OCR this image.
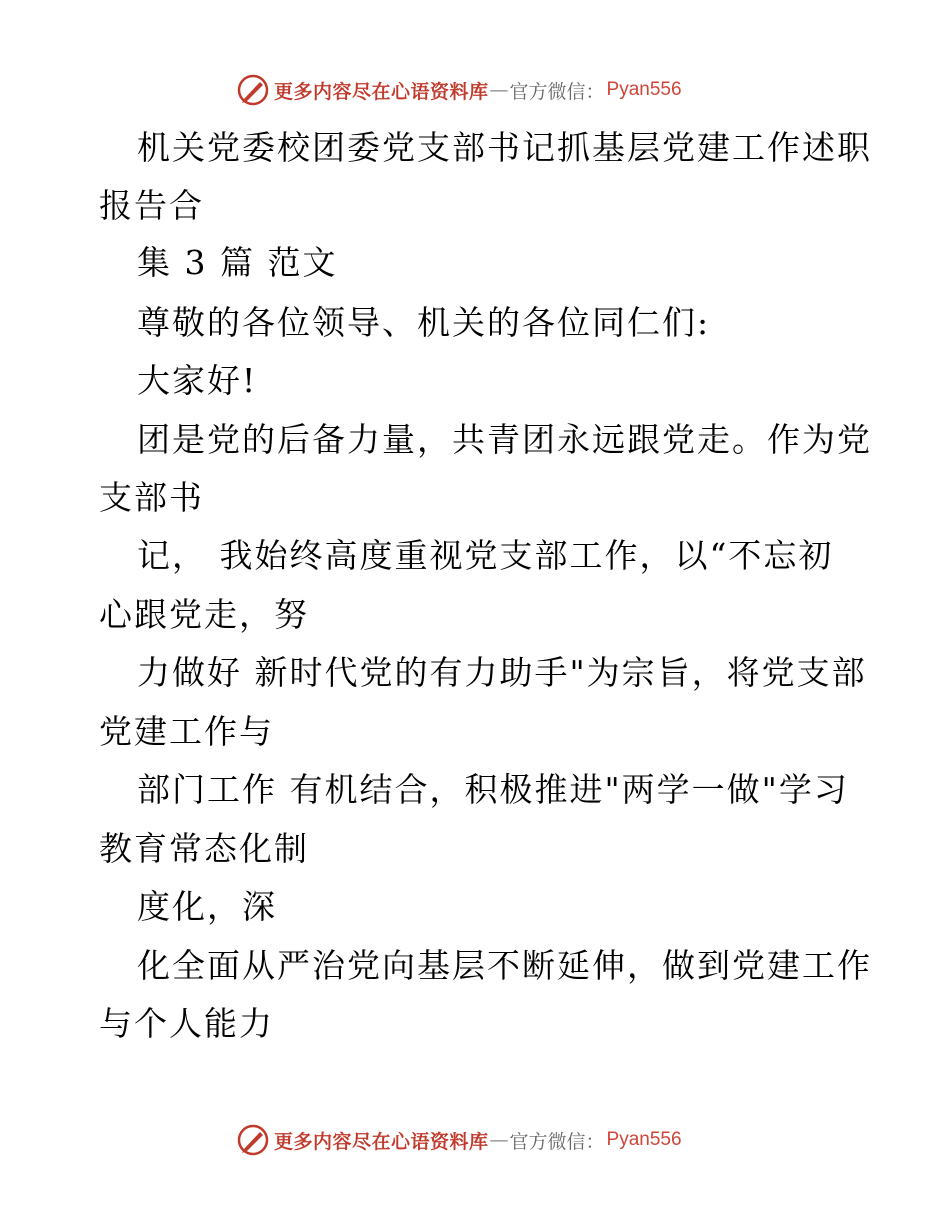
更多内容尽在心语资料库 — 官方微信： Pyan556
机关党委校团委党支部书记抓基层党建工作述职
报告合
集 3 篇 范文
尊敬的各位领导、机关的各位同仁们:
大家好!
团是党的后备力量，共青团永远跟党走。作为党
支部书
记， 我始终高度重视党支部工作，以“不忘初
心跟党走，努
力做好 新时代党的有力助手"为宗旨，将党支部
党建工作与
部门工作 有机结合，积极推进"两学一做"学习
教育常态化制
度化，深
化全面从严治党向基层不断延伸，做到党建工作
与个人能力
更多内容尽在心语资料库 — 官方微信： Pyan556
